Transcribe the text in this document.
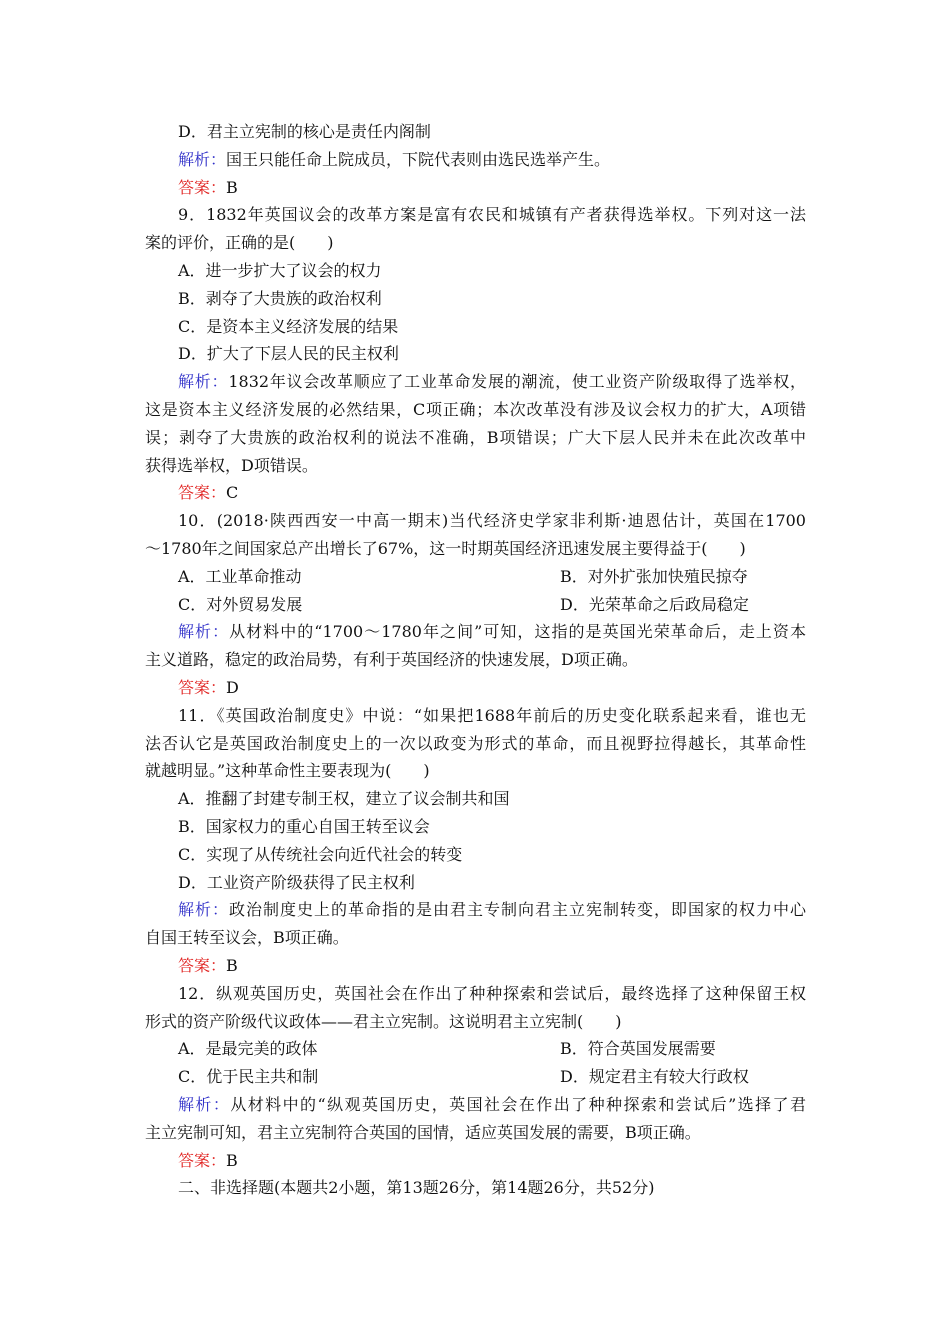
D．君主立宪制的核心是责任内阁制
解析：国王只能任命上院成员，下院代表则由选民选举产生。
答案：B
9．1832年英国议会的改革方案是富有农民和城镇有产者获得选举权。下列对这一法
案的评价，正确的是(　　)
A．进一步扩大了议会的权力
B．剥夺了大贵族的政治权利
C．是资本主义经济发展的结果
D．扩大了下层人民的民主权利
解析：1832年议会改革顺应了工业革命发展的潮流，使工业资产阶级取得了选举权，
这是资本主义经济发展的必然结果，C项正确；本次改革没有涉及议会权力的扩大，A项错
误；剥夺了大贵族的政治权利的说法不准确，B项错误；广大下层人民并未在此次改革中
获得选举权，D项错误。
答案：C
10．(2018·陕西西安一中高一期末)当代经济史学家非利斯·迪恩估计，英国在1700
～1780年之间国家总产出增长了67%，这一时期英国经济迅速发展主要得益于(　　)
A．工业革命推动	B．对外扩张加快殖民掠夺
C．对外贸易发展	D．光荣革命之后政局稳定
解析：从材料中的“1700～1780年之间”可知，这指的是英国光荣革命后，走上资本
主义道路，稳定的政治局势，有利于英国经济的快速发展，D项正确。
答案：D
11．《英国政治制度史》中说：“如果把1688年前后的历史变化联系起来看，谁也无
法否认它是英国政治制度史上的一次以政变为形式的革命，而且视野拉得越长，其革命性
就越明显。”这种革命性主要表现为(　　)
A．推翻了封建专制王权，建立了议会制共和国
B．国家权力的重心自国王转至议会
C．实现了从传统社会向近代社会的转变
D．工业资产阶级获得了民主权利
解析：政治制度史上的革命指的是由君主专制向君主立宪制转变，即国家的权力中心
自国王转至议会，B项正确。
答案：B
12．纵观英国历史，英国社会在作出了种种探索和尝试后，最终选择了这种保留王权
形式的资产阶级代议政体——君主立宪制。这说明君主立宪制(　　)
A．是最完美的政体	B．符合英国发展需要
C．优于民主共和制	D．规定君主有较大行政权
解析：从材料中的“纵观英国历史，英国社会在作出了种种探索和尝试后”选择了君
主立宪制可知，君主立宪制符合英国的国情，适应英国发展的需要，B项正确。
答案：B
二、非选择题(本题共2小题，第13题26分，第14题26分，共52分)
